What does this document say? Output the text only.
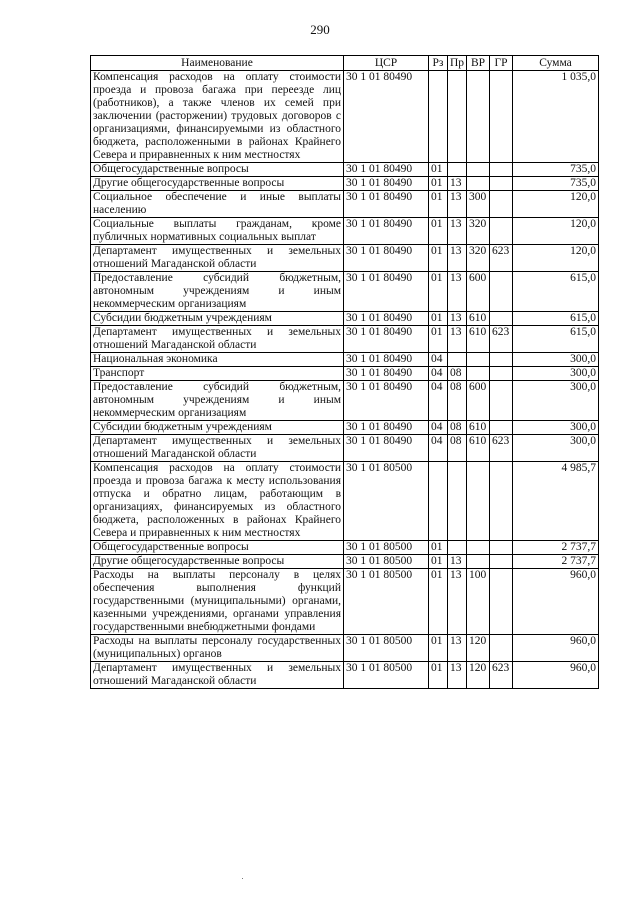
290
Наименование	ЦСР	Рз	Пр	ВР	ГР	Сумма
Компенсация расходов на оплату стоимости проезда и провоза багажа при переезде лиц (работников), а также членов их семей при заключении (расторжении) трудовых договоров с организациями, финансируемыми из областного бюджета, расположенными в районах Крайнего Севера и приравненных к ним местностях	30 1 01 80490					1 035,0
Общегосударственные вопросы	30 1 01 80490	01				735,0
Другие общегосударственные вопросы	30 1 01 80490	01	13			735,0
Социальное обеспечение и иные выплаты населению	30 1 01 80490	01	13	300		120,0
Социальные выплаты гражданам, кроме публичных нормативных социальных выплат	30 1 01 80490	01	13	320		120,0
Департамент имущественных и земельных отношений Магаданской области	30 1 01 80490	01	13	320	623	120,0
Предоставление субсидий бюджетным, автономным учреждениям и иным некоммерческим организациям	30 1 01 80490	01	13	600		615,0
Субсидии бюджетным учреждениям	30 1 01 80490	01	13	610		615,0
Департамент имущественных и земельных отношений Магаданской области	30 1 01 80490	01	13	610	623	615,0
Национальная экономика	30 1 01 80490	04				300,0
Транспорт	30 1 01 80490	04	08			300,0
Предоставление субсидий бюджетным, автономным учреждениям и иным некоммерческим организациям	30 1 01 80490	04	08	600		300,0
Субсидии бюджетным учреждениям	30 1 01 80490	04	08	610		300,0
Департамент имущественных и земельных отношений Магаданской области	30 1 01 80490	04	08	610	623	300,0
Компенсация расходов на оплату стоимости проезда и провоза багажа к месту использования отпуска и обратно лицам, работающим в организациях, финансируемых из областного бюджета, расположенных в районах Крайнего Севера и приравненных к ним местностях	30 1 01 80500					4 985,7
Общегосударственные вопросы	30 1 01 80500	01				2 737,7
Другие общегосударственные вопросы	30 1 01 80500	01	13			2 737,7
Расходы на выплаты персоналу в целях обеспечения выполнения функций государственными (муниципальными) органами, казенными учреждениями, органами управления государственными внебюджетными фондами	30 1 01 80500	01	13	100		960,0
Расходы на выплаты персоналу государственных (муниципальных) органов	30 1 01 80500	01	13	120		960,0
Департамент имущественных и земельных отношений Магаданской области	30 1 01 80500	01	13	120	623	960,0
